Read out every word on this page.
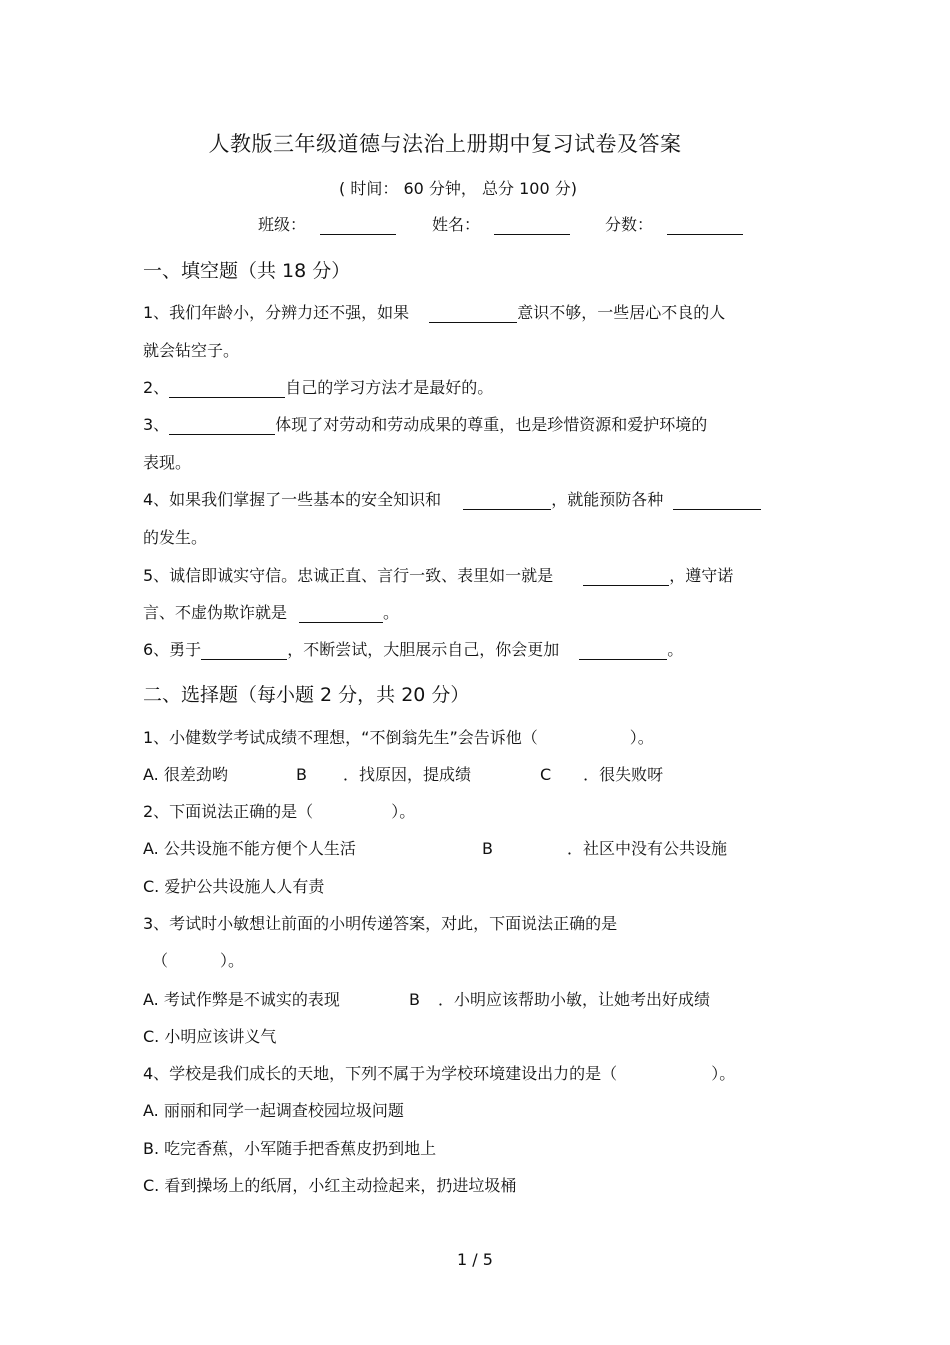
人教版三年级道德与法治上册期中复习试卷及答案
( 时间： 60 分钟， 总分 100 分)
班级：	姓名：	分数：
一、填空题（共 18 分）
1、我们年龄小，分辨力还不强，如果	意识不够，一些居心不良的人
就会钻空子。
2、	自己的学习方法才是最好的。
3、	体现了对劳动和劳动成果的尊重，也是珍惜资源和爱护环境的
表现。
4、如果我们掌握了一些基本的安全知识和	，就能预防各种
的发生。
5、诚信即诚实守信。忠诚正直、言行一致、表里如一就是	，遵守诺
言、不虚伪欺诈就是	。
6、勇于	，不断尝试，大胆展示自己，你会更加	。
二、选择题（每小题 2 分，共 20 分）
1、小健数学考试成绩不理想，“不倒翁先生”会告诉他（	）。
A. 很差劲哟	B ．找原因，提成绩	C ．很失败呀
2、下面说法正确的是（	）。
A. 公共设施不能方便个人生活	B	．社区中没有公共设施
C. 爱护公共设施人人有责
3、考试时小敏想让前面的小明传递答案，对此，下面说法正确的是
（	）。
A. 考试作弊是不诚实的表现	B ．小明应该帮助小敏，让她考出好成绩
C. 小明应该讲义气
4、学校是我们成长的天地，下列不属于为学校环境建设出力的是（	）。
A. 丽丽和同学一起调查校园垃圾问题
B. 吃完香蕉，小军随手把香蕉皮扔到地上
C. 看到操场上的纸屑，小红主动捡起来，扔进垃圾桶
1 / 5
